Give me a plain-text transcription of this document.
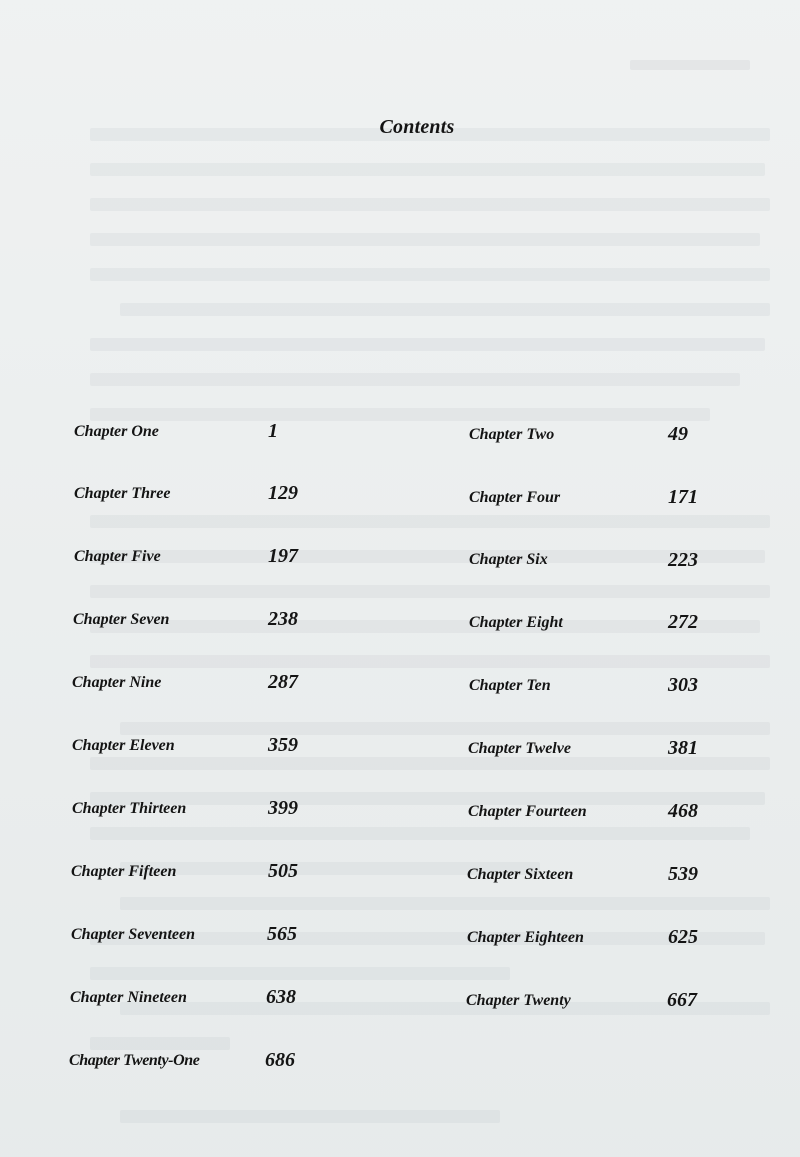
Contents
Chapter One	1
Chapter Three	129
Chapter Five	197
Chapter Seven	238
Chapter Nine	287
Chapter Eleven	359
Chapter Thirteen	399
Chapter Fifteen	505
Chapter Seventeen	565
Chapter Nineteen	638
Chapter Twenty-One	686
Chapter Two	49
Chapter Four	171
Chapter Six	223
Chapter Eight	272
Chapter Ten	303
Chapter Twelve	381
Chapter Fourteen	468
Chapter Sixteen	539
Chapter Eighteen	625
Chapter Twenty	667
